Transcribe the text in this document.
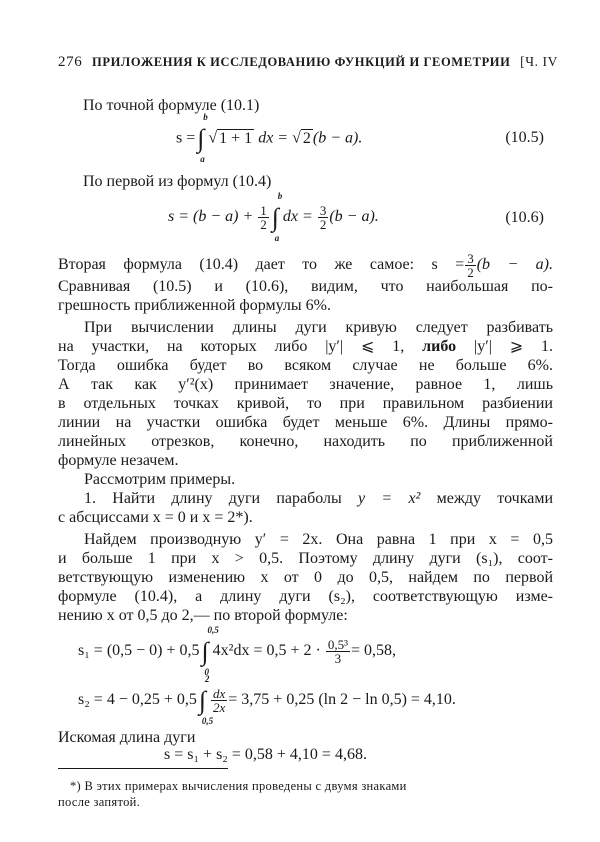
276 ПРИЛОЖЕНИЯ К ИССЛЕДОВАНИЮ ФУНКЦИЙ И ГЕОМЕТРИИ [Ч. IV
По точной формуле (10.1)
s =∫
b
a
√ 1 + 1 dx = √ 2 (b − a).	(10.5)
По первой из формул (10.4)
$s = (b - a) + \frac{1}{2}$ ∫
b
a
dx = $\frac{3}{2} (b - a)$.	(10.6)
Вторая формула (10.4) дает то же самое: $s = \frac{3}{2} (b - a)$.
Сравнивая (10.5) и (10.6), видим, что наибольшая по-
грешность приближенной формулы 6%.
При вычислении длины дуги кривую следует разбивать
на участки, на которых либо |y′| ⩽ 1, либо |y′| ⩾ 1.
Тогда ошибка будет во всяком случае не больше 6%.
А так как y′²(x) принимает значение, равное 1, лишь
в отдельных точках кривой, то при правильном разбиении
линии на участки ошибка будет меньше 6%. Длины прямо-
линейных отрезков, конечно, находить по приближенной
формуле незачем.
Рассмотрим примеры.
1. Найти длину дуги параболы y = x² между точками
с абсциссами x = 0 и x = 2*).
Найдем производную y′ = 2x. Она равна 1 при x = 0,5
и больше 1 при x > 0,5. Поэтому длину дуги (s₁), соот-
ветствующую изменению x от 0 до 0,5, найдем по первой
формуле (10.4), а длину дуги (s₂), соответствующую изме-
нению x от 0,5 до 2,— по второй формуле:
s₁ = (0,5 − 0) + 0,5∫
0,5
0
$4x^2dx = 0,5 + 2 \cdot \frac{\text{0,5³}}{3} = 0,58$,
s₂ = 4 − 0,25 + 0,5∫
2
0,5
$\frac{dx}{2x} = 3,75 + 0,25$ (ln 2 − ln 0,5) = 4,10.
Искомая длина дуги
s = s₁ + s₂ = 0,58 + 4,10 = 4,68.
*) В этих примерах вычисления проведены с двумя знаками
после запятой.
